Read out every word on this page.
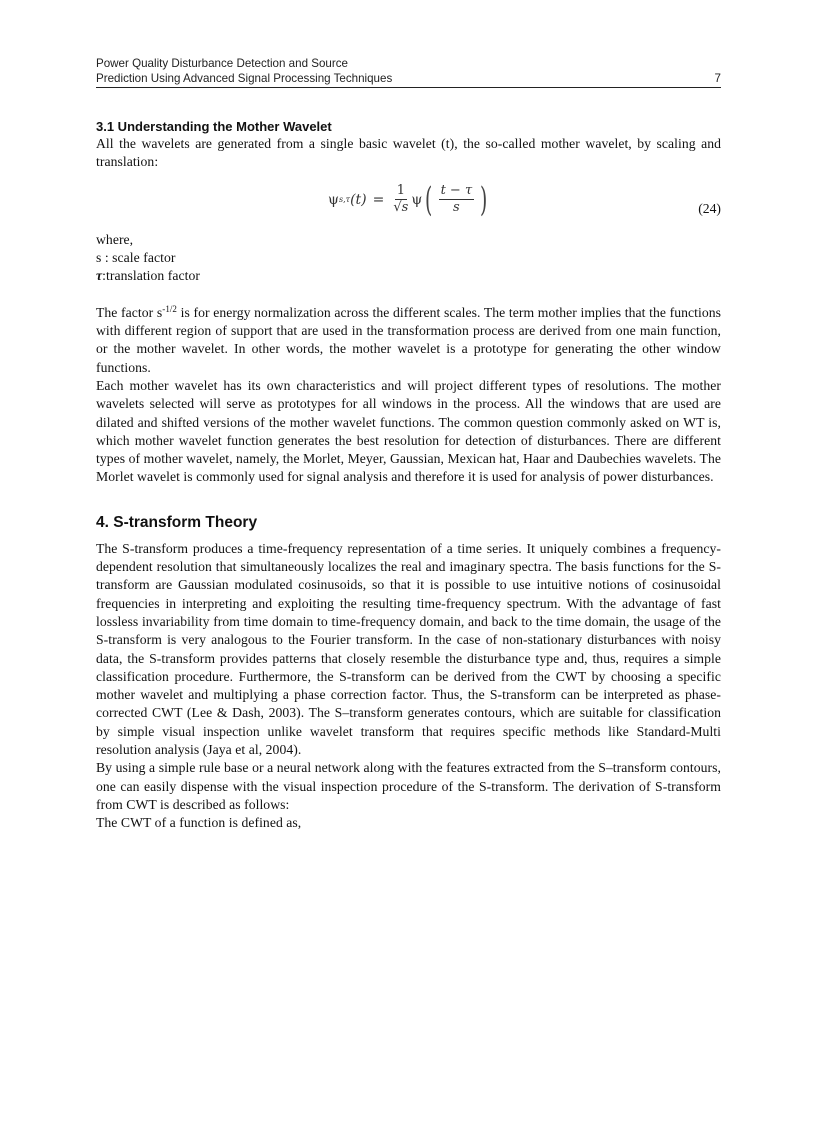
Power Quality Disturbance Detection and Source
Prediction Using Advanced Signal Processing Techniques	7
3.1 Understanding the Mother Wavelet

All the wavelets are generated from a single basic wavelet (t), the so-called mother wavelet, by scaling and translation:

ψ s,τ $(t) = \frac{1}{√s}$ ψ ( $\frac{t - \tau}{s}$ )	(24)

where,

s : scale factor

τ:translation factor

The factor $s^{-1/2}$ is for energy normalization across the different scales. The term mother implies that the functions with different region of support that are used in the transformation process are derived from one main function, or the mother wavelet. In other words, the mother wavelet is a prototype for generating the other window functions.

Each mother wavelet has its own characteristics and will project different types of resolutions. The mother wavelets selected will serve as prototypes for all windows in the process. All the windows that are used are dilated and shifted versions of the mother wavelet functions. The common question commonly asked on WT is, which mother wavelet function generates the best resolution for detection of disturbances. There are different types of mother wavelet, namely, the Morlet, Meyer, Gaussian, Mexican hat, Haar and Daubechies wavelets. The Morlet wavelet is commonly used for signal analysis and therefore it is used for analysis of power disturbances.

4. S-transform Theory

The S-transform produces a time-frequency representation of a time series. It uniquely combines a frequency-dependent resolution that simultaneously localizes the real and imaginary spectra. The basis functions for the S-transform are Gaussian modulated cosinusoids, so that it is possible to use intuitive notions of cosinusoidal frequencies in interpreting and exploiting the resulting time-frequency spectrum. With the advantage of fast lossless invariability from time domain to time-frequency domain, and back to the time domain, the usage of the S-transform is very analogous to the Fourier transform. In the case of non-stationary disturbances with noisy data, the S-transform provides patterns that closely resemble the disturbance type and, thus, requires a simple classification procedure. Furthermore, the S-transform can be derived from the CWT by choosing a specific mother wavelet and multiplying a phase correction factor. Thus, the S-transform can be interpreted as phase-corrected CWT (Lee & Dash, 2003). The S–transform generates contours, which are suitable for classification by simple visual inspection unlike wavelet transform that requires specific methods like Standard-Multi resolution analysis (Jaya et al, 2004).

By using a simple rule base or a neural network along with the features extracted from the S–transform contours, one can easily dispense with the visual inspection procedure of the S-transform. The derivation of S-transform from CWT is described as follows:

The CWT of a function is defined as,
